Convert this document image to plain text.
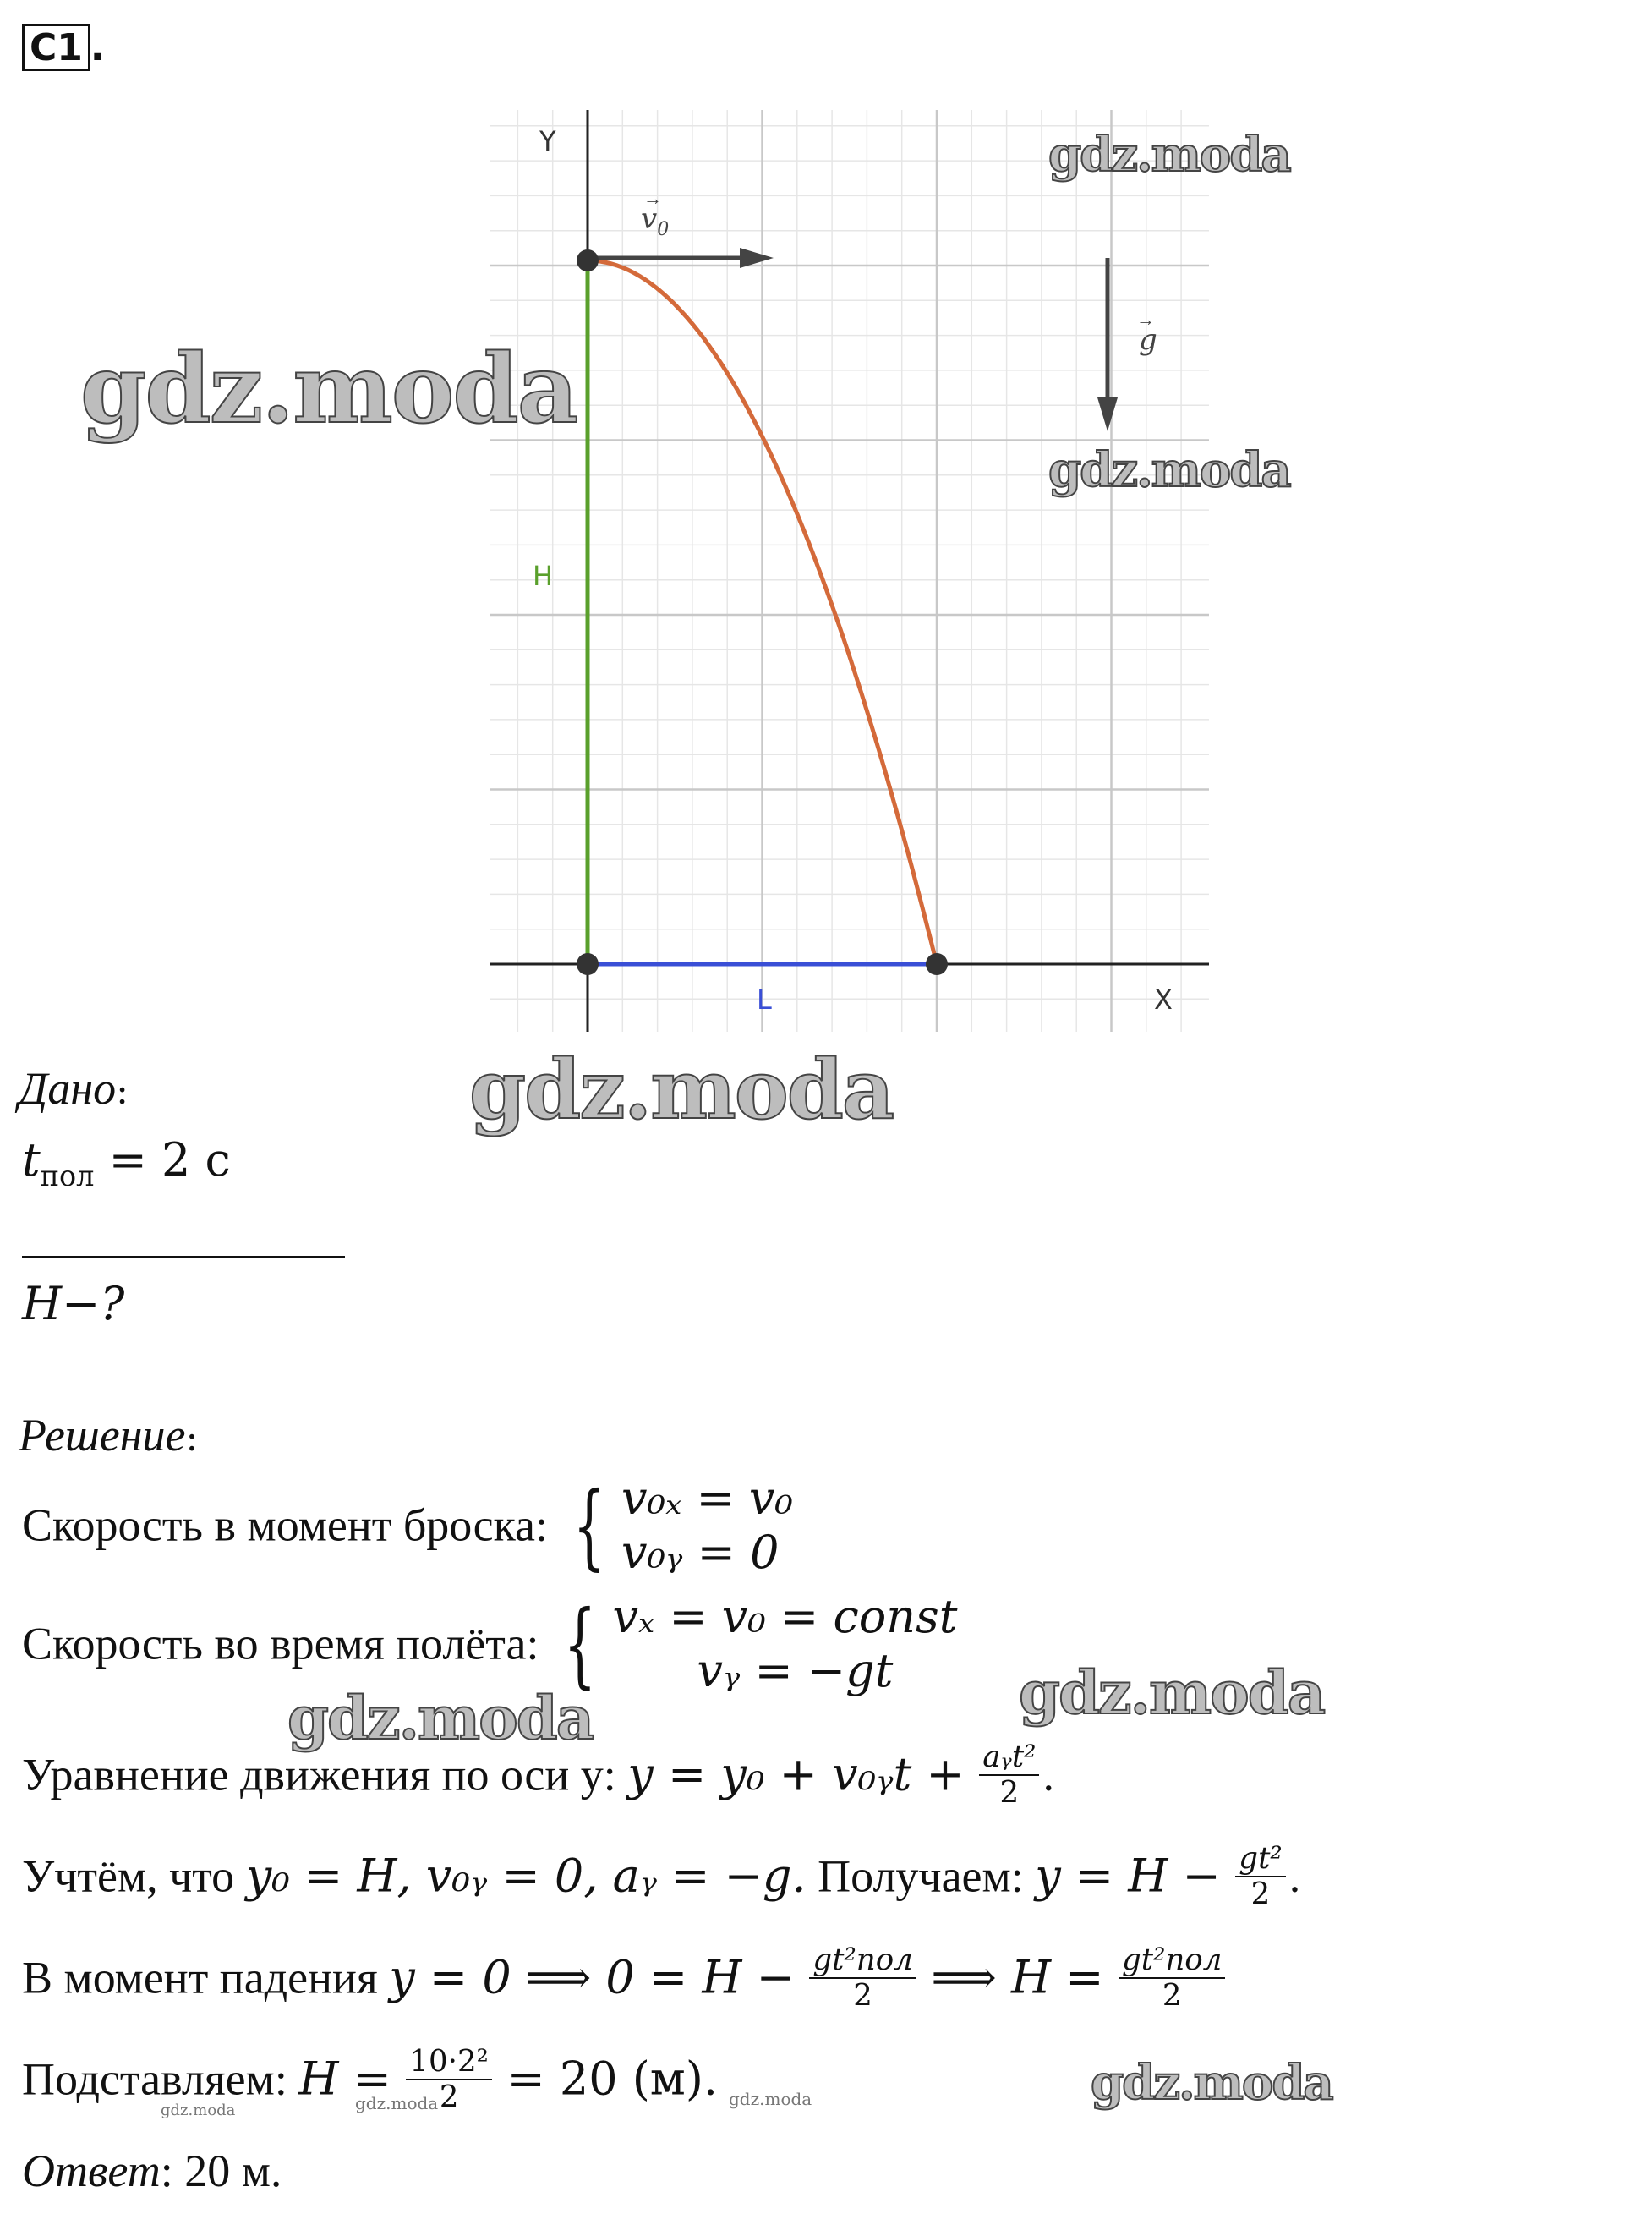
С1 .
Y
X
H
L
$v_0$
→
g
→
gdz.moda
gdz.moda
gdz.moda
gdz.moda
Дано:
$t_{пол} = 2$ с
H−?
Решение:
Скорость в момент броска: { v₀ₓ = v₀
v₀ᵧ = 0
Скорость во время полёта: { vₓ = v₀ = const
vᵧ = −gt
gdz.moda	gdz.moda
Уравнение движения по оси y: y = y₀ + v₀ᵧt + $\frac{\text{aᵧt²}}{2}$ .
Учтём, что y₀ = H, v₀ᵧ = 0, aᵧ = −g. Получаем: $y = H - \frac{\text{gt²}}{2}$ .
В момент падения y = 0 ⟹ $0 = H - \frac{\text{gt²пол}}{2}$ ⟹ $H = \frac{\text{gt²пол}}{2}$
Подставляем: $H = \frac{\text{10·2²}}{2} = 20$ (м).
gdz.moda	gdz.moda	gdz.moda	gdz.moda
Ответ: 20 м.
